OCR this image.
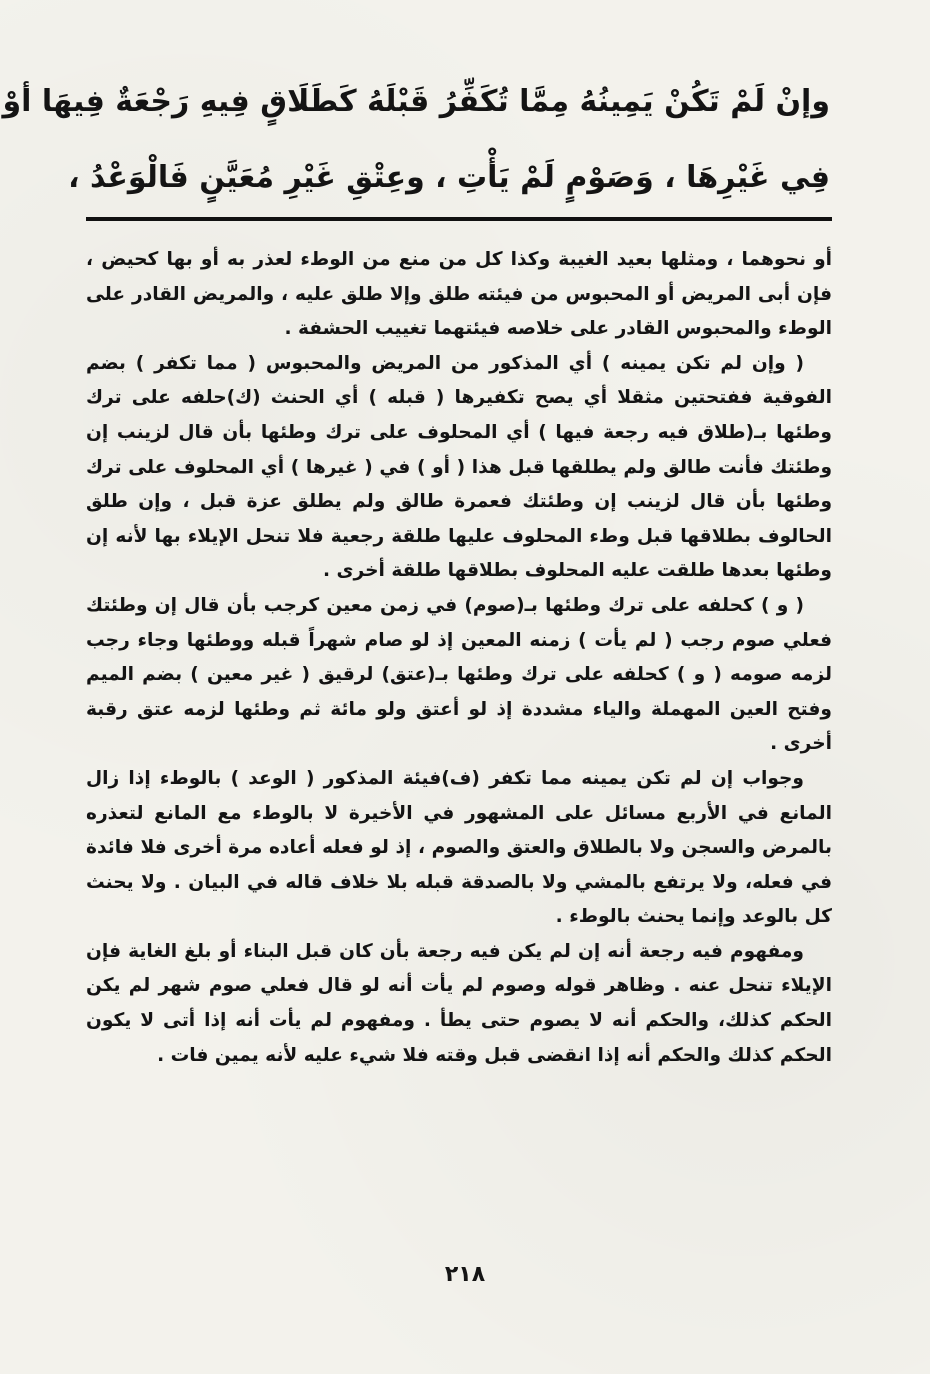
وإنْ لَمْ تَكُنْ يَمِينُهُ مِمَّا تُكَفِّرُ قَبْلَهُ كَطَلَاقٍ فِيهِ رَجْعَةٌ فِيهَا أوْ
فِي غَيْرِهَا ، وَصَوْمٍ لَمْ يَأْتِ ، وعِتْقِ غَيْرِ مُعَيَّنٍ فَالْوَعْدُ ،

أو نحوهما ، ومثلها بعيد الغيبة وكذا كل من منع من الوطء لعذر به أو بها كحيض ، فإن أبى المريض أو المحبوس من فيئته طلق وإلا طلق عليه ، والمريض القادر على الوطء والمحبوس القادر على خلاصه فيئتهما تغييب الحشفة .

( وإن لم تكن يمينه ) أي المذكور من المريض والمحبوس ( مما تكفر ) بضم الفوقية ففتحتين مثقلا أي يصح تكفيرها ( قبله ) أي الحنث (ك)حلفه على ترك وطئها بـ(طلاق فيه رجعة فيها ) أي المحلوف على ترك وطئها بأن قال لزينب إن وطئتك فأنت طالق ولم يطلقها قبل هذا ( أو ) في ( غيرها ) أي المحلوف على ترك وطئها بأن قال لزينب إن وطئتك فعمرة طالق ولم يطلق عزة قبل ، وإن طلق الحالوف بطلاقها قبل وطء المحلوف عليها طلقة رجعية فلا تنحل الإيلاء بها لأنه إن وطئها بعدها طلقت عليه المحلوف بطلاقها طلقة أخرى .

( و ) كحلفه على ترك وطئها بـ(صوم) في زمن معين كرجب بأن قال إن وطئتك فعلي صوم رجب ( لم يأت ) زمنه المعين إذ لو صام شهراً قبله ووطئها وجاء رجب لزمه صومه ( و ) كحلفه على ترك وطئها بـ(عتق) لرقيق ( غير معين ) بضم الميم وفتح العين المهملة والياء مشددة إذ لو أعتق ولو مائة ثم وطئها لزمه عتق رقبة أخرى .

وجواب إن لم تكن يمينه مما تكفر (ف)فيئة المذكور ( الوعد ) بالوطء إذا زال المانع في الأربع مسائل على المشهور في الأخيرة لا بالوطء مع المانع لتعذره بالمرض والسجن ولا بالطلاق والعتق والصوم ، إذ لو فعله أعاده مرة أخرى فلا فائدة في فعله، ولا يرتفع بالمشي ولا بالصدقة قبله بلا خلاف قاله في البيان . ولا يحنث كل بالوعد وإنما يحنث بالوطء .

ومفهوم فيه رجعة أنه إن لم يكن فيه رجعة بأن كان قبل البناء أو بلغ الغاية فإن الإيلاء تنحل عنه . وظاهر قوله وصوم لم يأت أنه لو قال فعلي صوم شهر لم يكن الحكم كذلك، والحكم أنه لا يصوم حتى يطأ . ومفهوم لم يأت أنه إذا أتى لا يكون الحكم كذلك والحكم أنه إذا انقضى قبل وقته فلا شيء عليه لأنه يمين فات .

٢١٨
